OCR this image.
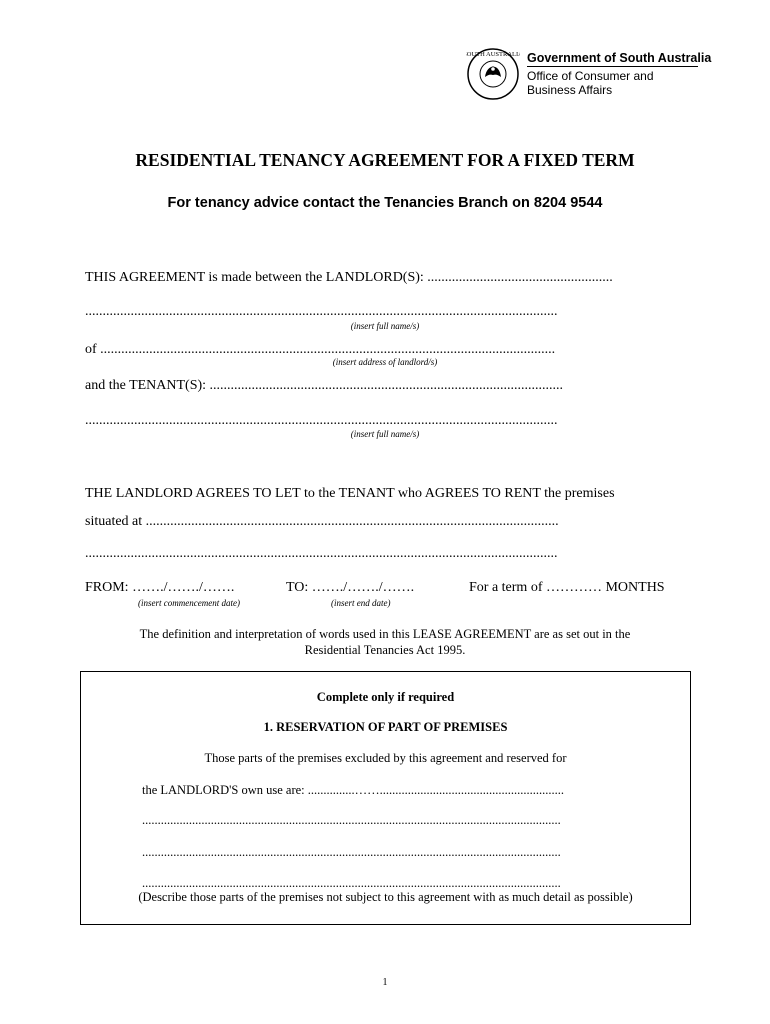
SOUTH AUSTRALIA Government of South Australia
Office of Consumer and
Business Affairs
RESIDENTIAL TENANCY AGREEMENT FOR A FIXED TERM
For tenancy advice contact the Tenancies Branch on 8204 9544
THIS AGREEMENT is made between the LANDLORD(S): .....................................................
.......................................................................................................................................
(insert full name/s)
of ..................................................................................................................................
(insert address of landlord/s)
and the TENANT(S): .....................................................................................................
.......................................................................................................................................
(insert full name/s)
THE LANDLORD AGREES TO LET to the TENANT who AGREES TO RENT the premises
situated at ......................................................................................................................
.......................................................................................................................................
FROM: ……./……./…….	TO: ……./……./…….	For a term of ………… MONTHS
(insert commencement date)	(insert end date)
The definition and interpretation of words used in this LEASE AGREEMENT are as set out in the
Residential Tenancies Act 1995.
Complete only if required
1. RESERVATION OF PART OF PREMISES
Those parts of the premises excluded by this agreement and reserved for
the LANDLORD'S own use are: ...............……...........................................................
......................................................................................................................................
......................................................................................................................................
......................................................................................................................................
(Describe those parts of the premises not subject to this agreement with as much detail as possible)
1
